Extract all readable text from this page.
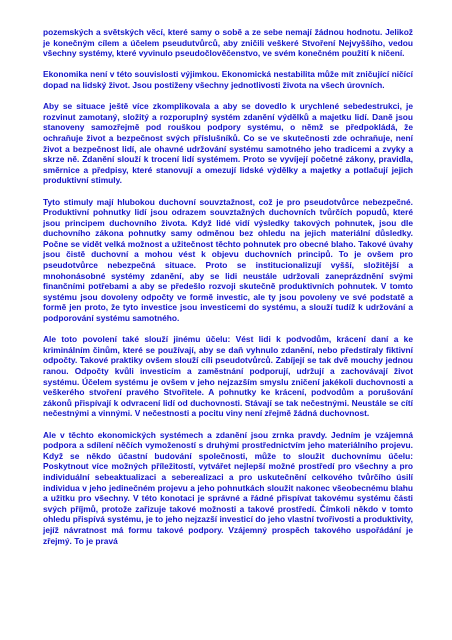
pozemských a světských věcí, které samy o sobě a ze sebe nemají žádnou hodnotu. Jelikož je konečným cílem a účelem pseudutvůrců, aby zničili veškeré Stvoření Nejvyššího, vedou všechny systémy, které vyvinulo pseudočlověčenstvo, ve svém konečném použití k ničení.

Ekonomika není v této souvislosti výjimkou. Ekonomická nestabilita může mít zničující ničící dopad na lidský život. Jsou postiženy všechny jednotlivosti života na všech úrovních.

Aby se situace ještě více zkomplikovala a aby se dovedlo k urychlené sebedestrukci, je rozvinut zamotaný, složitý a rozporuplný systém zdanění výdělků a majetku lidí. Daně jsou stanoveny samozřejmě pod rouškou podpory systému, o němž se předpokládá, že ochraňuje život a bezpečnost svých příslušníků. Co se ve skutečnosti zde ochraňuje, není život a bezpečnost lidí, ale ohavné udržování systému samotného jeho tradicemi a zvyky a skrze ně. Zdanění slouží k trocení lidí systémem. Proto se vyvíjejí početné zákony, pravidla, směrnice a předpisy, které stanovují a omezují lidské výdělky a majetky a potlačují jejich produktivní stimuly.

Tyto stimuly mají hlubokou duchovní souvztažnost, což je pro pseudotvůrce nebezpečné. Produktivní pohnutky lidí jsou odrazem souvztažných duchovních tvůrčích popudů, které jsou principem duchovního života. Když lidé vidí výsledky takových pohnutek, jsou dle duchovního zákona pohnutky samy odměnou bez ohledu na jejich materiální důsledky. Počne se vidět velká možnost a užitečnost těchto pohnutek pro obecné blaho. Takové úvahy jsou čistě duchovní a mohou vést k objevu duchovních principů. To je ovšem pro pseudotvůrce nebezpečná situace. Proto se institucionalizují vyšší, složitější a mnohonásobné systémy zdanění, aby se lidi neustále udržovali zaneprázdnění svými finančními potřebami a aby se předešlo rozvoji skutečně produktivních pohnutek. V tomto systému jsou dovoleny odpočty ve formě investic, ale ty jsou povoleny ve své podstatě a formě jen proto, že tyto investice jsou investicemi do systému, a slouží tudíž k udržování a podporování systému samotného.

Ale toto povolení také slouží jinému účelu: Vést lidi k podvodům, krácení daní a ke kriminálním činům, které se používají, aby se daň vyhnulo zdanění, nebo předstíraly fiktivní odpočty. Takové praktiky ovšem slouží cíli pseudotvůrců. Zabíjejí se tak dvě mouchy jednou ranou. Odpočty kvůli investicím a zaměstnání podporují, udržují a zachovávají život systému. Účelem systému je ovšem v jeho nejzazším smyslu zničení jakékoli duchovnosti a veškerého stvoření pravého Stvořitele. A pohnutky ke krácení, podvodům a porušování zákonů přispívají k odvracení lidí od duchovnosti. Stávají se tak nečestnými. Neustále se cítí nečestnými a vinnými. V nečestnosti a pocitu viny není zřejmě žádná duchovnost.

Ale v těchto ekonomických systémech a zdanění jsou zrnka pravdy. Jedním je vzájemná podpora a sdílení něčích vymožeností s druhými prostřednictvím jeho materiálního projevu. Když se někdo účastní budování společnosti, může to sloužit duchovnímu účelu: Poskytnout více možných příležitostí, vytvářet nejlepší možné prostředí pro všechny a pro individuální sebeaktualizaci a seberealizaci a pro uskutečnění celkového tvůrčího úsilí individua v jeho jedinečném projevu a jeho pohnutkách sloužit nakonec všeobecnému blahu a užitku pro všechny. V této konotaci je správné a řádné přispívat takovému systému části svých příjmů, protože zařizuje takové možnosti a takové prostředí. Čímkoli někdo v tomto ohledu přispívá systému, je to jeho nejzazší investicí do jeho vlastní tvořivosti a produktivity, jejíž návratnost má formu takové podpory. Vzájemný prospěch takového uspořádání je zřejmý. To je pravá
